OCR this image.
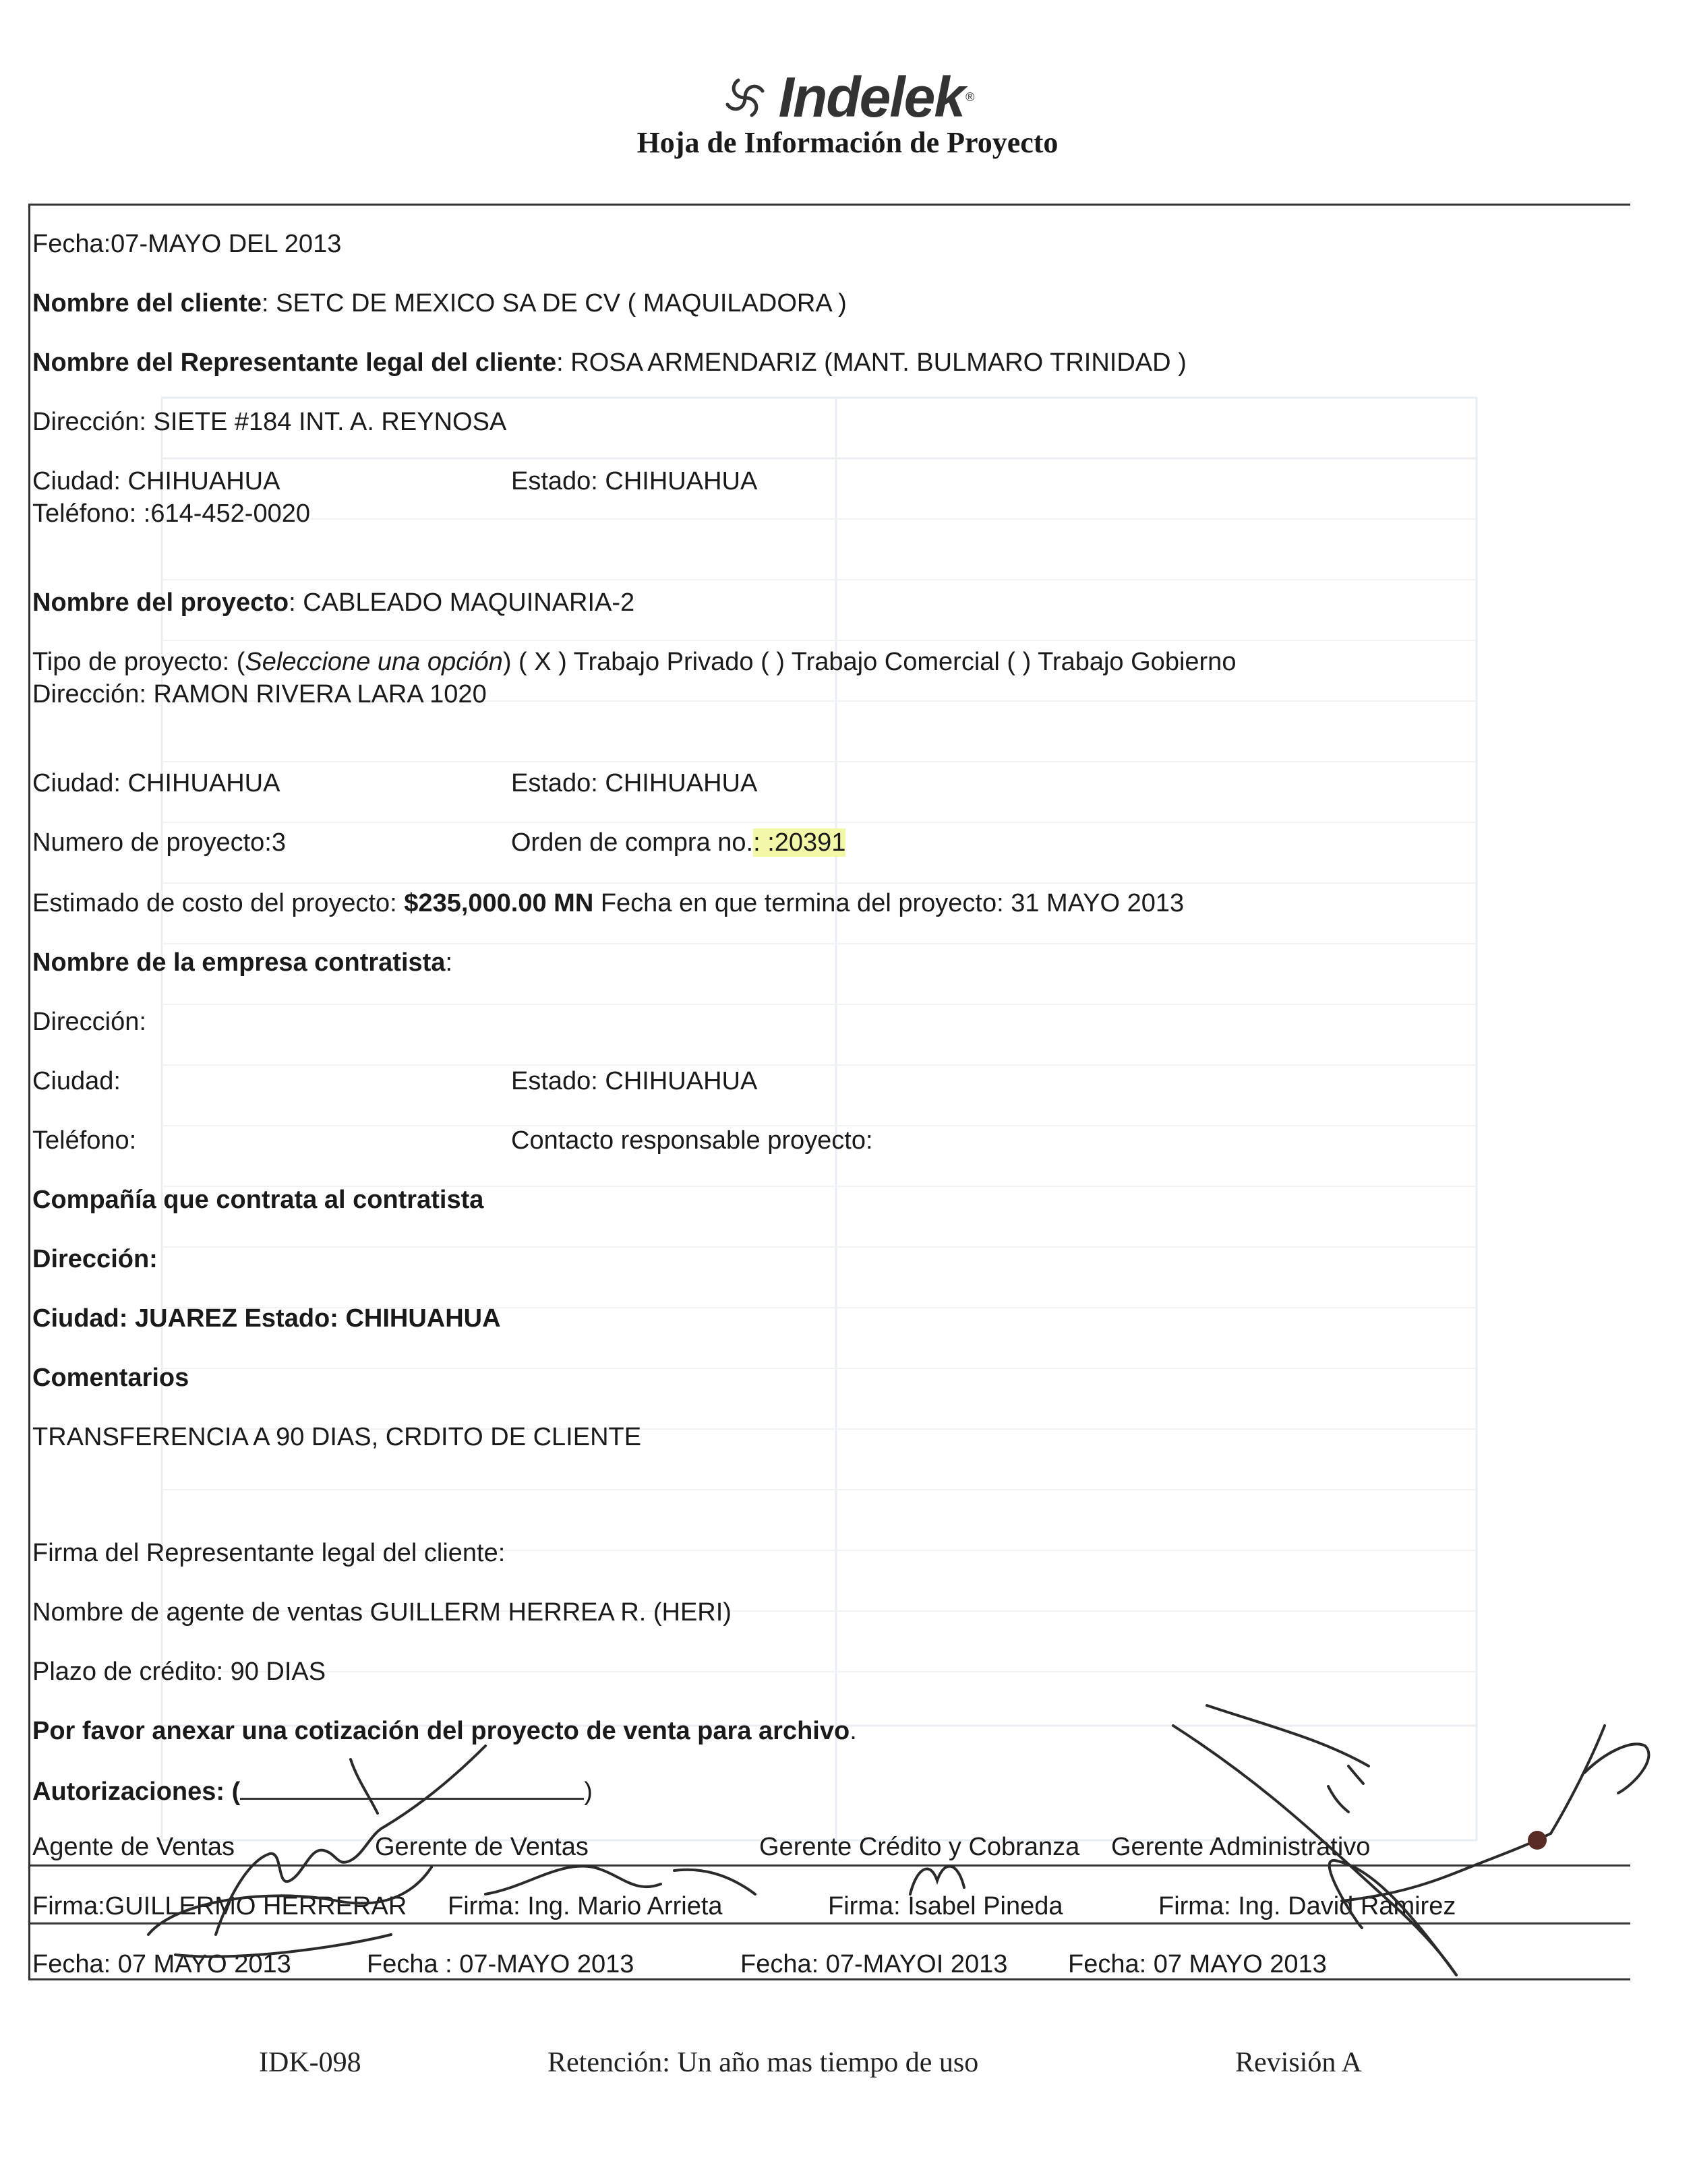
Indelek ®
Hoja de Información de Proyecto
Fecha:07-MAYO DEL 2013
Nombre del cliente: SETC DE MEXICO SA DE CV ( MAQUILADORA )
Nombre del Representante legal del cliente: ROSA ARMENDARIZ (MANT. BULMARO TRINIDAD )
Dirección: SIETE #184 INT. A. REYNOSA
Ciudad: CHIHUAHUA	Estado: CHIHUAHUA
Teléfono: :614-452-0020
Nombre del proyecto: CABLEADO MAQUINARIA-2
Tipo de proyecto: (Seleccione una opción) ( X ) Trabajo Privado ( ) Trabajo Comercial ( ) Trabajo Gobierno
Dirección: RAMON RIVERA LARA 1020
Ciudad: CHIHUAHUA	Estado: CHIHUAHUA
Numero de proyecto:3	Orden de compra no.: :20391
Estimado de costo del proyecto: $235,000.00 MN Fecha en que termina del proyecto: 31 MAYO 2013
Nombre de la empresa contratista:
Dirección:
Ciudad:	Estado: CHIHUAHUA
Teléfono:	Contacto responsable proyecto:
Compañía que contrata al contratista
Dirección:
Ciudad: JUAREZ Estado: CHIHUAHUA
Comentarios
TRANSFERENCIA A 90 DIAS, CRDITO DE CLIENTE
Firma del Representante legal del cliente:
Nombre de agente de ventas GUILLERM HERREA R. (HERI)
Plazo de crédito: 90 DIAS
Por favor anexar una cotización del proyecto de venta para archivo.
Autorizaciones: (	)
Agente de Ventas	Gerente de Ventas	Gerente Crédito y Cobranza Gerente Administrativo
Firma:GUILLERMO HERRERAR Firma: Ing. Mario Arrieta	Firma: Isabel Pineda	Firma: Ing. David Ramirez
Fecha: 07 MAYO 2013	Fecha : 07-MAYO 2013	Fecha: 07-MAYOI 2013 Fecha: 07 MAYO 2013
IDK-098	Retención: Un año mas tiempo de uso	Revisión A
